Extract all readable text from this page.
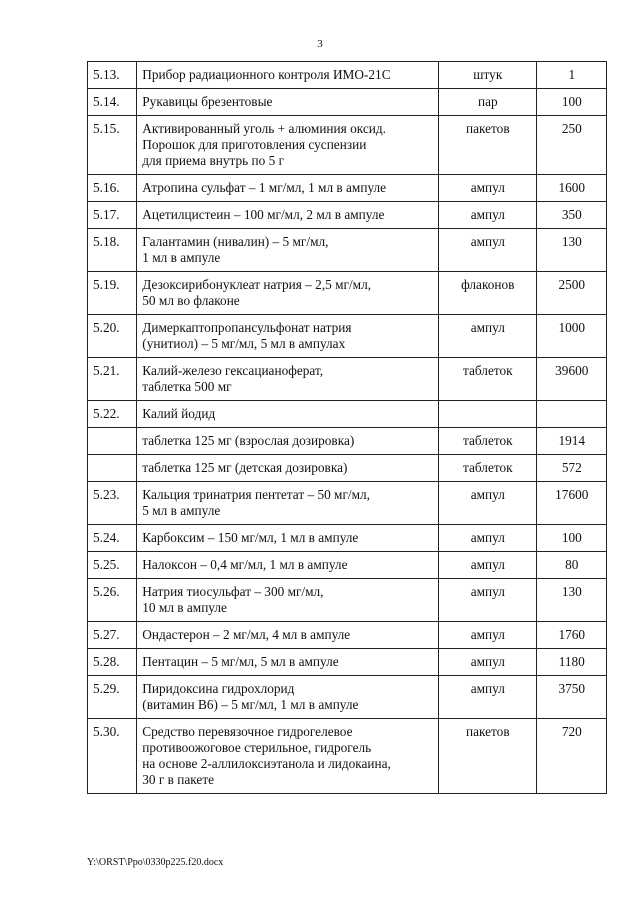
3
5.13.	Прибор радиационного контроля ИМО-21С	штук	1
5.14.	Рукавицы брезентовые	пар	100
5.15.	Активированный уголь + алюминия оксид.
Порошок для приготовления суспензии
для приема внутрь по 5 г	пакетов	250
5.16.	Атропина сульфат – 1 мг/мл, 1 мл в ампуле	ампул	1600
5.17.	Ацетилцистеин – 100 мг/мл, 2 мл в ампуле	ампул	350
5.18.	Галантамин (нивалин) – 5 мг/мл,
1 мл в ампуле	ампул	130
5.19.	Дезоксирибонуклеат натрия – 2,5 мг/мл,
50 мл во флаконе	флаконов	2500
5.20.	Димеркаптопропансульфонат натрия
(унитиол) – 5 мг/мл, 5 мл в ампулах	ампул	1000
5.21.	Калий-железо гексацианоферат,
таблетка 500 мг	таблеток	39600
5.22.	Калий йодид		

	таблетка 125 мг (взрослая дозировка)	таблеток	1914

	таблетка 125 мг (детская дозировка)	таблеток	572
5.23.	Кальция тринатрия пентетат – 50 мг/мл,
5 мл в ампуле	ампул	17600
5.24.	Карбоксим – 150 мг/мл, 1 мл в ампуле	ампул	100
5.25.	Налоксон – 0,4 мг/мл, 1 мл в ампуле	ампул	80
5.26.	Натрия тиосульфат – 300 мг/мл,
10 мл в ампуле	ампул	130
5.27.	Ондастерон – 2 мг/мл, 4 мл в ампуле	ампул	1760
5.28.	Пентацин – 5 мг/мл, 5 мл в ампуле	ампул	1180
5.29.	Пиридоксина гидрохлорид
(витамин В6) – 5 мг/мл, 1 мл в ампуле	ампул	3750
5.30.	Средство перевязочное гидрогелевое
противоожоговое стерильное, гидрогель
на основе 2-аллилоксиэтанола и лидокаина,
30 г в пакете	пакетов	720
Y:\ORST\Ppo\0330p225.f20.docx
